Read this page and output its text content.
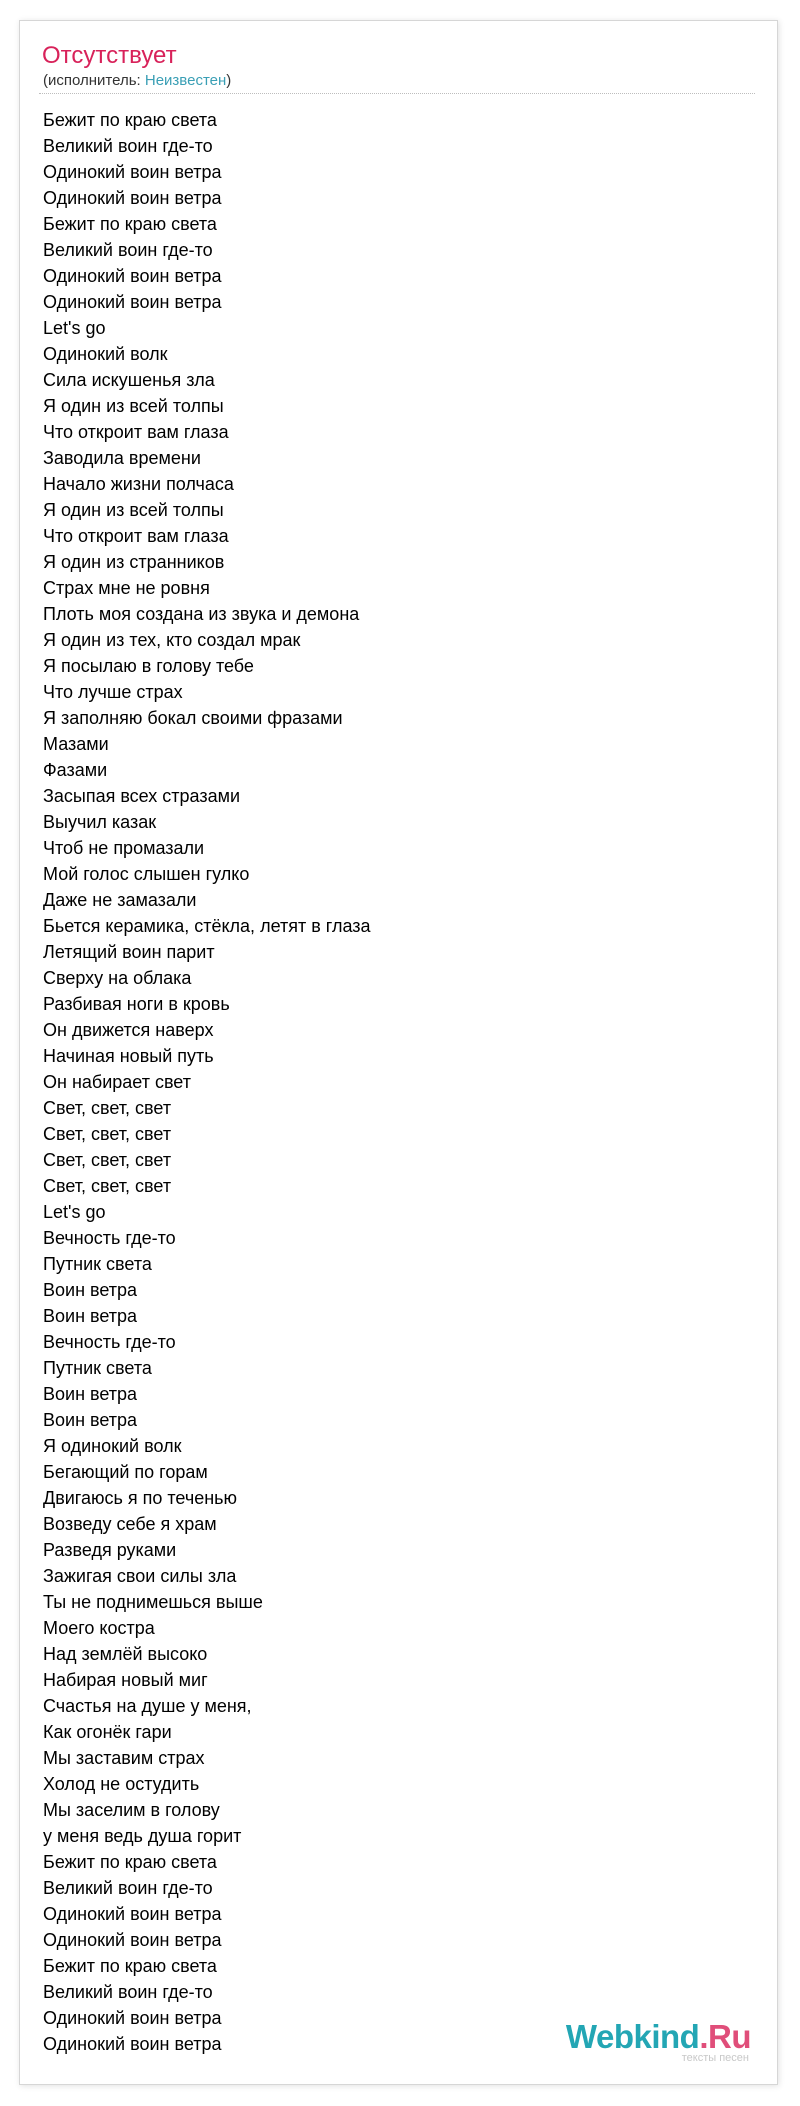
Отсутствует
(исполнитель: Неизвестен)
Бежит по краю света
Великий воин где-то
Одинокий воин ветра
Одинокий воин ветра
Бежит по краю света
Великий воин где-то
Одинокий воин ветра
Одинокий воин ветра
Let's go
Одинокий волк
Сила искушенья зла
Я один из всей толпы
Что откроит вам глаза
Заводила времени
Начало жизни полчаса
Я один из всей толпы
Что откроит вам глаза
Я один из странников
Страх мне не ровня
Плоть моя создана из звука и демона
Я один из тех, кто создал мрак
Я посылаю в голову тебе
Что лучше страх
Я заполняю бокал своими фразами
Мазами
Фазами
Засыпая всех стразами
Выучил казак
Чтоб не промазали
Мой голос слышен гулко
Даже не замазали
Бьется керамика, стёкла, летят в глаза
Летящий воин парит
Сверху на облака
Разбивая ноги в кровь
Он движется наверх
Начиная новый путь
Он набирает свет
Свет, свет, свет
Свет, свет, свет
Свет, свет, свет
Свет, свет, свет
Let's go
Вечность где-то
Путник света
Воин ветра
Воин ветра
Вечность где-то
Путник света
Воин ветра
Воин ветра
Я одинокий волк
Бегающий по горам
Двигаюсь я по теченью
Возведу себе я храм
Разведя руками
Зажигая свои силы зла
Ты не поднимешься выше
Моего костра
Над землёй высоко
Набирая новый миг
Счастья на душе у меня,
Как огонёк гари
Мы заставим страх
Холод не остудить
Мы заселим в голову
у меня ведь душа горит
Бежит по краю света
Великий воин где-то
Одинокий воин ветра
Одинокий воин ветра
Бежит по краю света
Великий воин где-то
Одинокий воин ветра
Одинокий воин ветра	Webkind.Ru
тексты песен
